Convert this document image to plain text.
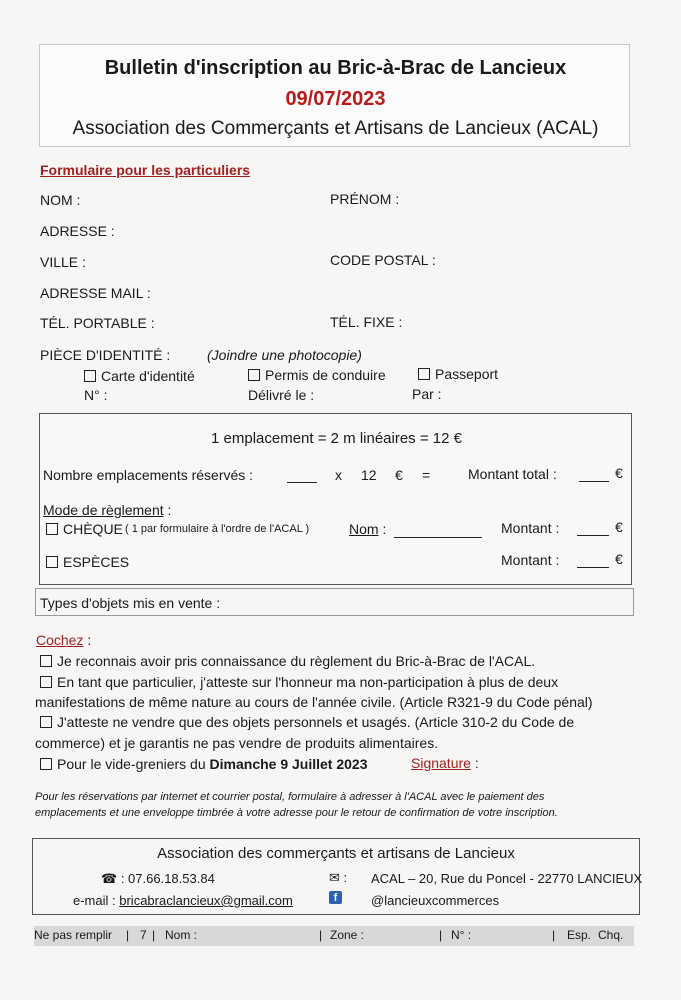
Bulletin d'inscription au Bric-à-Brac de Lancieux
09/07/2023
Association des Commerçants et Artisans de Lancieux (ACAL)
Formulaire pour les particuliers
NOM :	PRÉNOM :
ADRESSE :
VILLE :	CODE POSTAL :
ADRESSE MAIL :
TÉL. PORTABLE :	TÉL. FIXE :
PIÈCE D'IDENTITÉ :	(Joindre une photocopie)
Carte d'identité	Permis de conduire	Passeport
N° :	Délivré le :	Par :
1 emplacement = 2 m linéaires = 12 €
Nombre emplacements réservés :	x 12 € =	Montant total :	€
Mode de règlement :
CHÈQUE ( 1 par formulaire à l'ordre de l'ACAL )	Nom :	Montant :	€
ESPÈCES	Montant :	€
Types d'objets mis en vente :
Cochez :
Je reconnais avoir pris connaissance du règlement du Bric-à-Brac de l'ACAL.
En tant que particulier, j'atteste sur l'honneur ma non-participation à plus de deux
manifestations de même nature au cours de l'année civile. (Article R321-9 du Code pénal)
J'atteste ne vendre que des objets personnels et usagés. (Article 310-2 du Code de
commerce) et je garantis ne pas vendre de produits alimentaires.
Pour le vide-greniers du Dimanche 9 Juillet 2023	Signature :
Pour les réservations par internet et courrier postal, formulaire à adresser à l'ACAL avec le paiement des
emplacements et une enveloppe timbrée à votre adresse pour le retour de confirmation de votre inscription.
Association des commerçants et artisans de Lancieux
☎ : 07.66.18.53.84	✉ : ACAL – 20, Rue du Poncel - 22770 LANCIEUX
e-mail : bricabraclancieux@gmail.com	f	@lancieuxcommerces
Ne pas remplir | 7 | Nom :	| Zone :	| N° :	| Esp. Chq.
